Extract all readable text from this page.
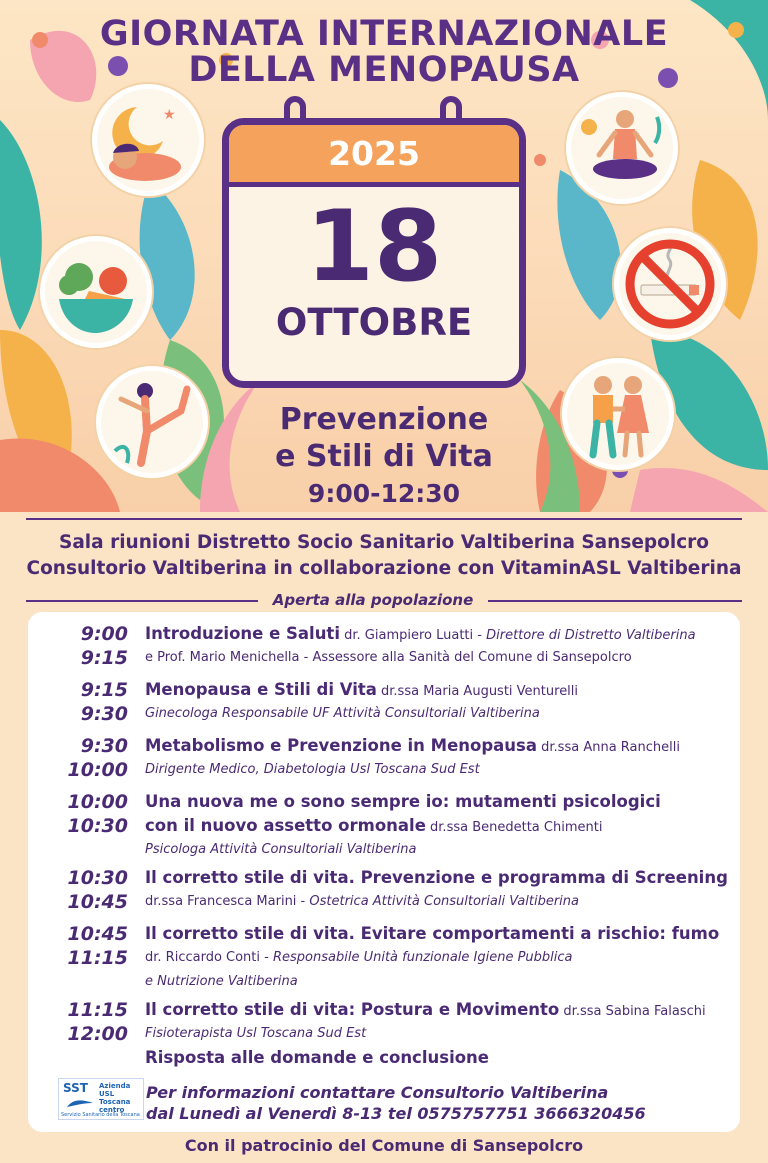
GIORNATA INTERNAZIONALE
DELLA MENOPAUSA
★
2025
18
OTTOBRE
Prevenzione
e Stili di Vita
9:00-12:30
Sala riunioni Distretto Socio Sanitario Valtiberina Sansepolcro
Consultorio Valtiberina in collaborazione con VitaminASL Valtiberina
Aperta alla popolazione
9:00
9:15
Introduzione e Saluti dr. Giampiero Luatti - Direttore di Distretto Valtiberina
e Prof. Mario Menichella - Assessore alla Sanità del Comune di Sansepolcro
9:15
9:30
Menopausa e Stili di Vita dr.ssa Maria Augusti Venturelli
Ginecologa Responsabile UF Attività Consultoriali Valtiberina
9:30
10:00
Metabolismo e Prevenzione in Menopausa dr.ssa Anna Ranchelli
Dirigente Medico, Diabetologia Usl Toscana Sud Est
10:00
10:30
Una nuova me o sono sempre io: mutamenti psicologici
con il nuovo assetto ormonale dr.ssa Benedetta Chimenti
Psicologa Attività Consultoriali Valtiberina
10:30
10:45
Il corretto stile di vita. Prevenzione e programma di Screening
dr.ssa Francesca Marini - Ostetrica Attività Consultoriali Valtiberina
10:45
11:15
Il corretto stile di vita. Evitare comportamenti a rischio: fumo
dr. Riccardo Conti - Responsabile Unità funzionale Igiene Pubblica
e Nutrizione Valtiberina
11:15
12:00
Il corretto stile di vita: Postura e Movimento dr.ssa Sabina Falaschi
Fisioterapista Usl Toscana Sud Est
Risposta alle domande e conclusione
SST Azienda
USL
Toscana
centro
Servizio Sanitario della Toscana
Per informazioni contattare Consultorio Valtiberina
dal Lunedì al Venerdì 8-13 tel 0575757751 3666320456
Con il patrocinio del Comune di Sansepolcro
